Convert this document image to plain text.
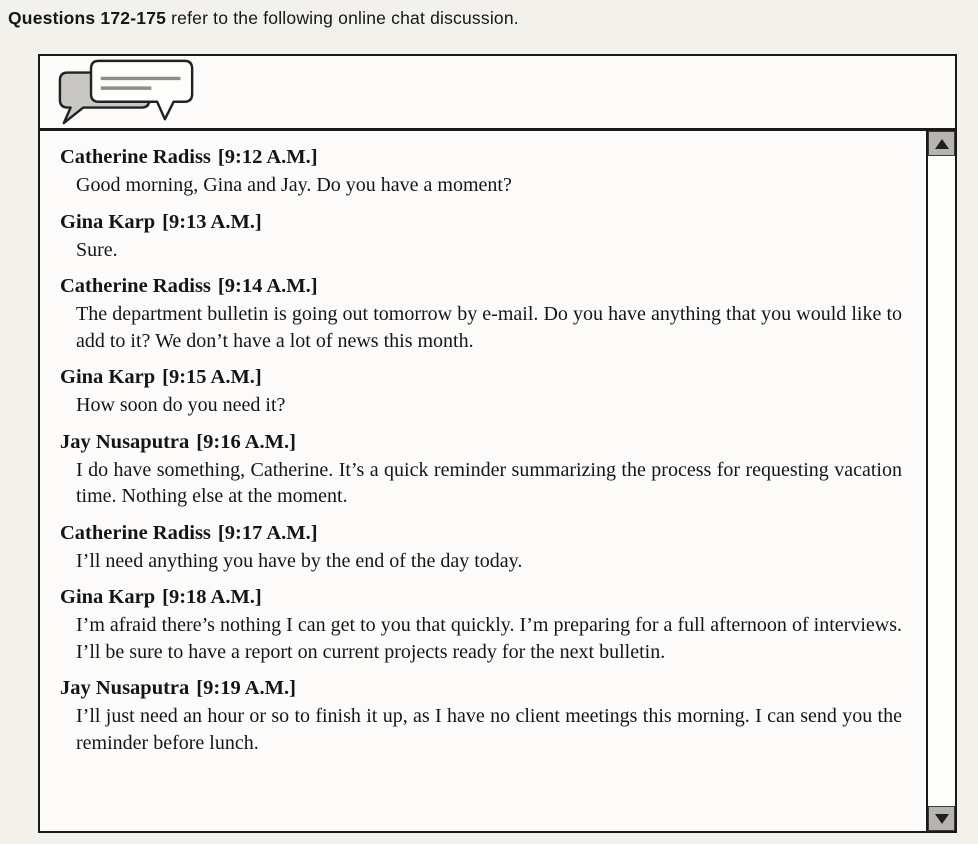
Questions 172-175 refer to the following online chat discussion.

Catherine Radiss [9:12 A.M.]

Good morning, Gina and Jay. Do you have a moment?

Gina Karp [9:13 A.M.]

Sure.

Catherine Radiss [9:14 A.M.]

The department bulletin is going out tomorrow by e-mail. Do you have anything that you would like to add to it? We don’t have a lot of news this month.

Gina Karp [9:15 A.M.]

How soon do you need it?

Jay Nusaputra [9:16 A.M.]

I do have something, Catherine. It’s a quick reminder summarizing the process for requesting vacation time. Nothing else at the moment.

Catherine Radiss [9:17 A.M.]

I’ll need anything you have by the end of the day today.

Gina Karp [9:18 A.M.]

I’m afraid there’s nothing I can get to you that quickly. I’m preparing for a full afternoon of interviews. I’ll be sure to have a report on current projects ready for the next bulletin.

Jay Nusaputra [9:19 A.M.]

I’ll just need an hour or so to finish it up, as I have no client meetings this morning. I can send you the reminder before lunch.
